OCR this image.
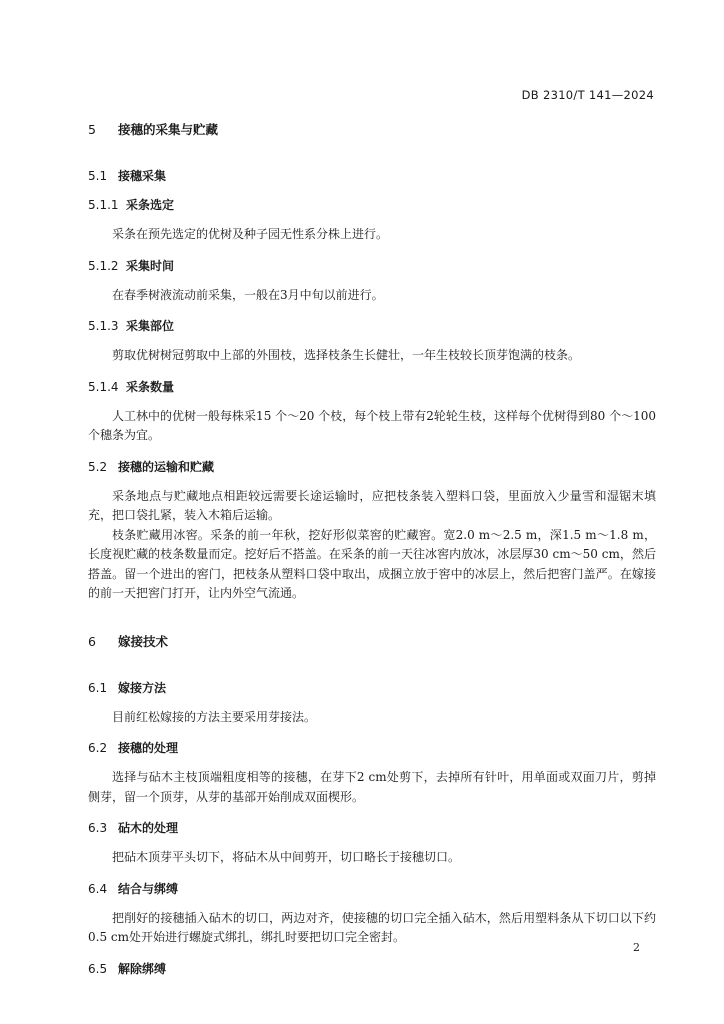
DB 2310/T 141—2024
5 接穗的采集与贮藏
5.1 接穗采集
5.1.1 采条选定

采条在预先选定的优树及种子园无性系分株上进行。

5.1.2 采集时间

在春季树液流动前采集，一般在3月中旬以前进行。

5.1.3 采集部位

剪取优树树冠剪取中上部的外围枝，选择枝条生长健壮，一年生枝较长顶芽饱满的枝条。

5.1.4 采条数量

人工林中的优树一般每株采15 个～20 个枝，每个枝上带有2轮轮生枝，这样每个优树得到80 个～100 个穗条为宜。

5.2 接穗的运输和贮藏

采条地点与贮藏地点相距较远需要长途运输时，应把枝条装入塑料口袋，里面放入少量雪和湿锯末填充，把口袋扎紧，装入木箱后运输。

枝条贮藏用冰窖。采条的前一年秋，挖好形似菜窖的贮藏窖。宽2.0 m～2.5 m，深1.5 m～1.8 m，长度视贮藏的枝条数量而定。挖好后不搭盖。在采条的前一天往冰窖内放冰，冰层厚30 cm～50 cm，然后搭盖。留一个进出的窖门，把枝条从塑料口袋中取出，成捆立放于窖中的冰层上，然后把窖门盖严。在嫁接的前一天把窖门打开，让内外空气流通。

6 嫁接技术
6.1 嫁接方法

目前红松嫁接的方法主要采用芽接法。

6.2 接穗的处理

选择与砧木主枝顶端粗度相等的接穗，在芽下2 cm处剪下，去掉所有针叶，用单面或双面刀片，剪掉侧芽，留一个顶芽，从芽的基部开始削成双面楔形。

6.3 砧木的处理

把砧木顶芽平头切下，将砧木从中间剪开，切口略长于接穗切口。

6.4 结合与绑缚

把削好的接穗插入砧木的切口，两边对齐，使接穗的切口完全插入砧木，然后用塑料条从下切口以下约0.5 cm处开始进行螺旋式绑扎，绑扎时要把切口完全密封。

6.5 解除绑缚
2
